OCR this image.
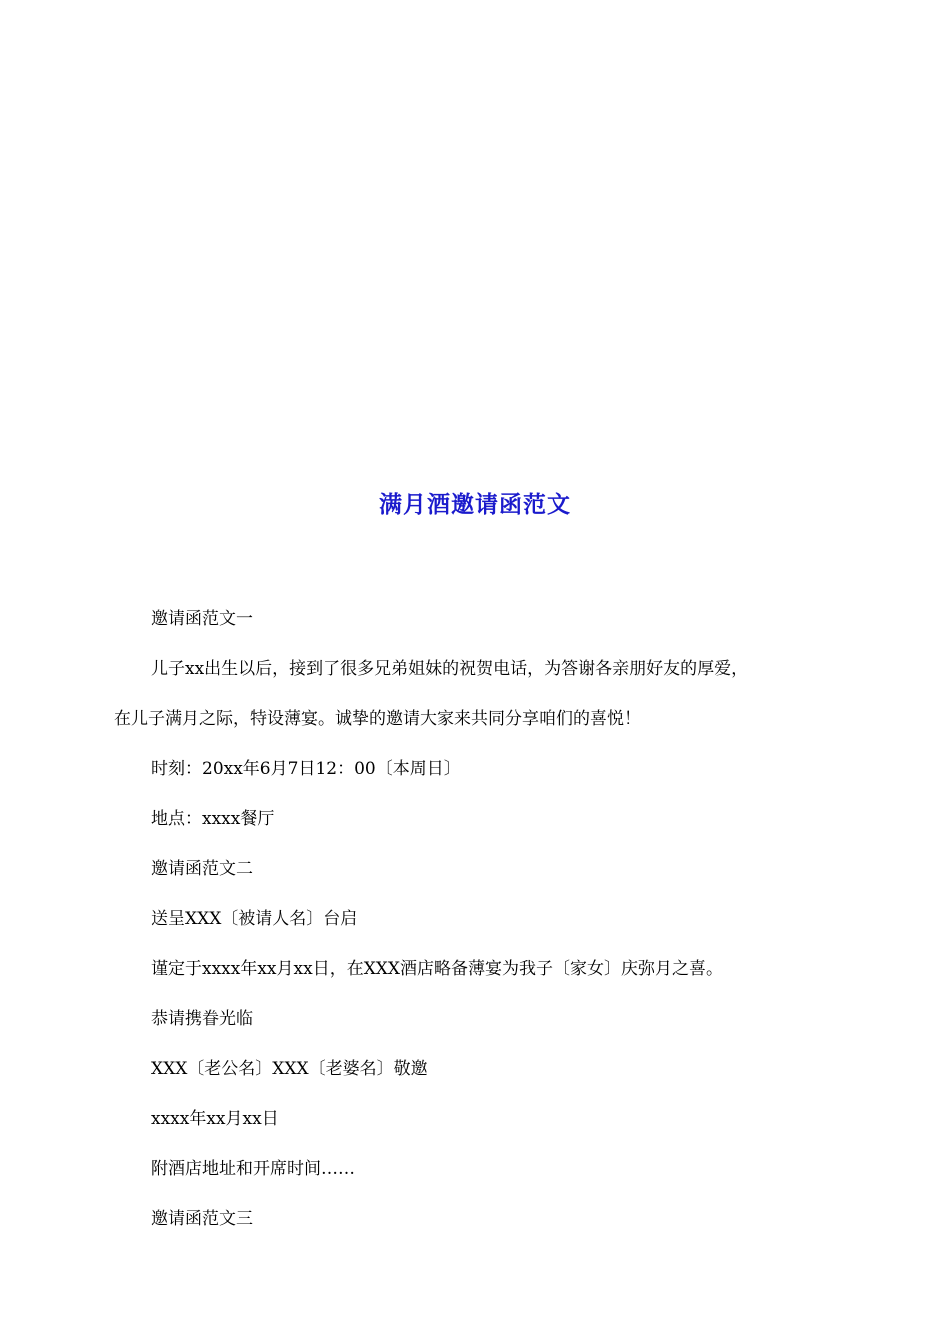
满月酒邀请函范文
邀请函范文一
儿子xx出生以后，接到了很多兄弟姐妹的祝贺电话，为答谢各亲朋好友的厚爱，
在儿子满月之际，特设薄宴。诚挚的邀请大家来共同分享咱们的喜悦！
时刻：20xx年6月7日12：00〔本周日〕
地点：xxxx餐厅
邀请函范文二
送呈XXX〔被请人名〕台启
谨定于xxxx年xx月xx日，在XXX酒店略备薄宴为我子〔家女〕庆弥月之喜。
恭请携眷光临
XXX〔老公名〕XXX〔老婆名〕敬邀
xxxx年xx月xx日
附酒店地址和开席时间……
邀请函范文三
